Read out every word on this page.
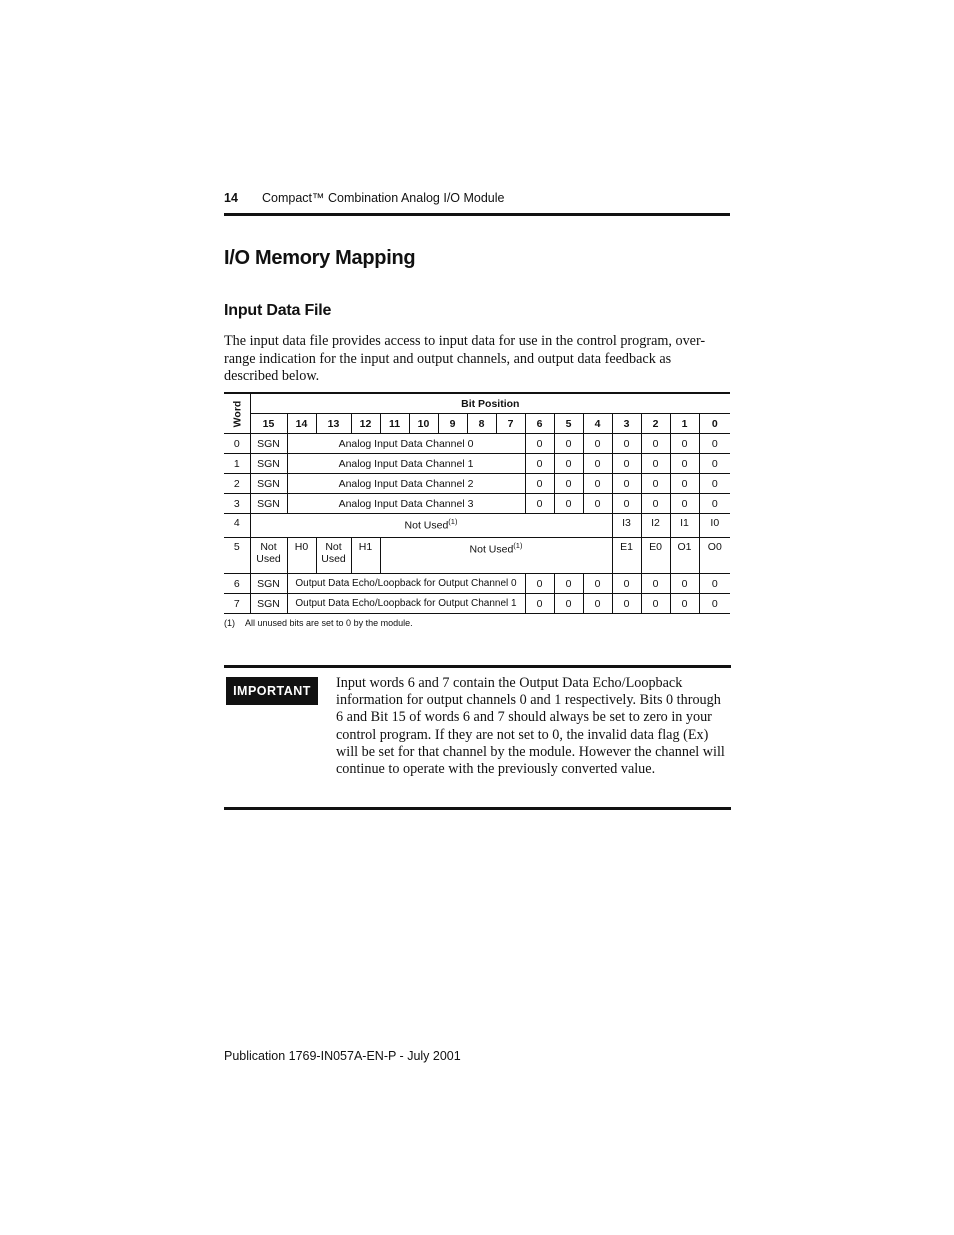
14 Compact™ Combination Analog I/O Module
I/O Memory Mapping
Input Data File
The input data file provides access to input data for use in the control program, over-range indication for the input and output channels, and output data feedback as described below.
Word	Bit Position															
	15	14	13	12	11	10	9	8	7	6	5	4	3	2	1	0
0	SGN	Analog Input Data Channel 0								0	0	0	0	0	0	0
1	SGN	Analog Input Data Channel 1								0	0	0	0	0	0	0
2	SGN	Analog Input Data Channel 2								0	0	0	0	0	0	0
3	SGN	Analog Input Data Channel 3								0	0	0	0	0	0	0
4	Not Used$^{(1)}$												I3	I2	I1	I0
5	Not Used	H0	Not Used	H1	Not Used$^{(1)}$								E1	E0	O1	O0
6	SGN	Output Data Echo/Loopback for Output Channel 0								0	0	0	0	0	0	0
7	SGN	Output Data Echo/Loopback for Output Channel 1								0	0	0	0	0	0	0
(1) All unused bits are set to 0 by the module.
IMPORTANT	Input words 6 and 7 contain the Output Data Echo/Loopback information for output channels 0 and 1 respectively. Bits 0 through 6 and Bit 15 of words 6 and 7 should always be set to zero in your control program. If they are not set to 0, the invalid data flag (Ex) will be set for that channel by the module. However the channel will continue to operate with the previously converted value.
Publication 1769-IN057A-EN-P - July 2001
